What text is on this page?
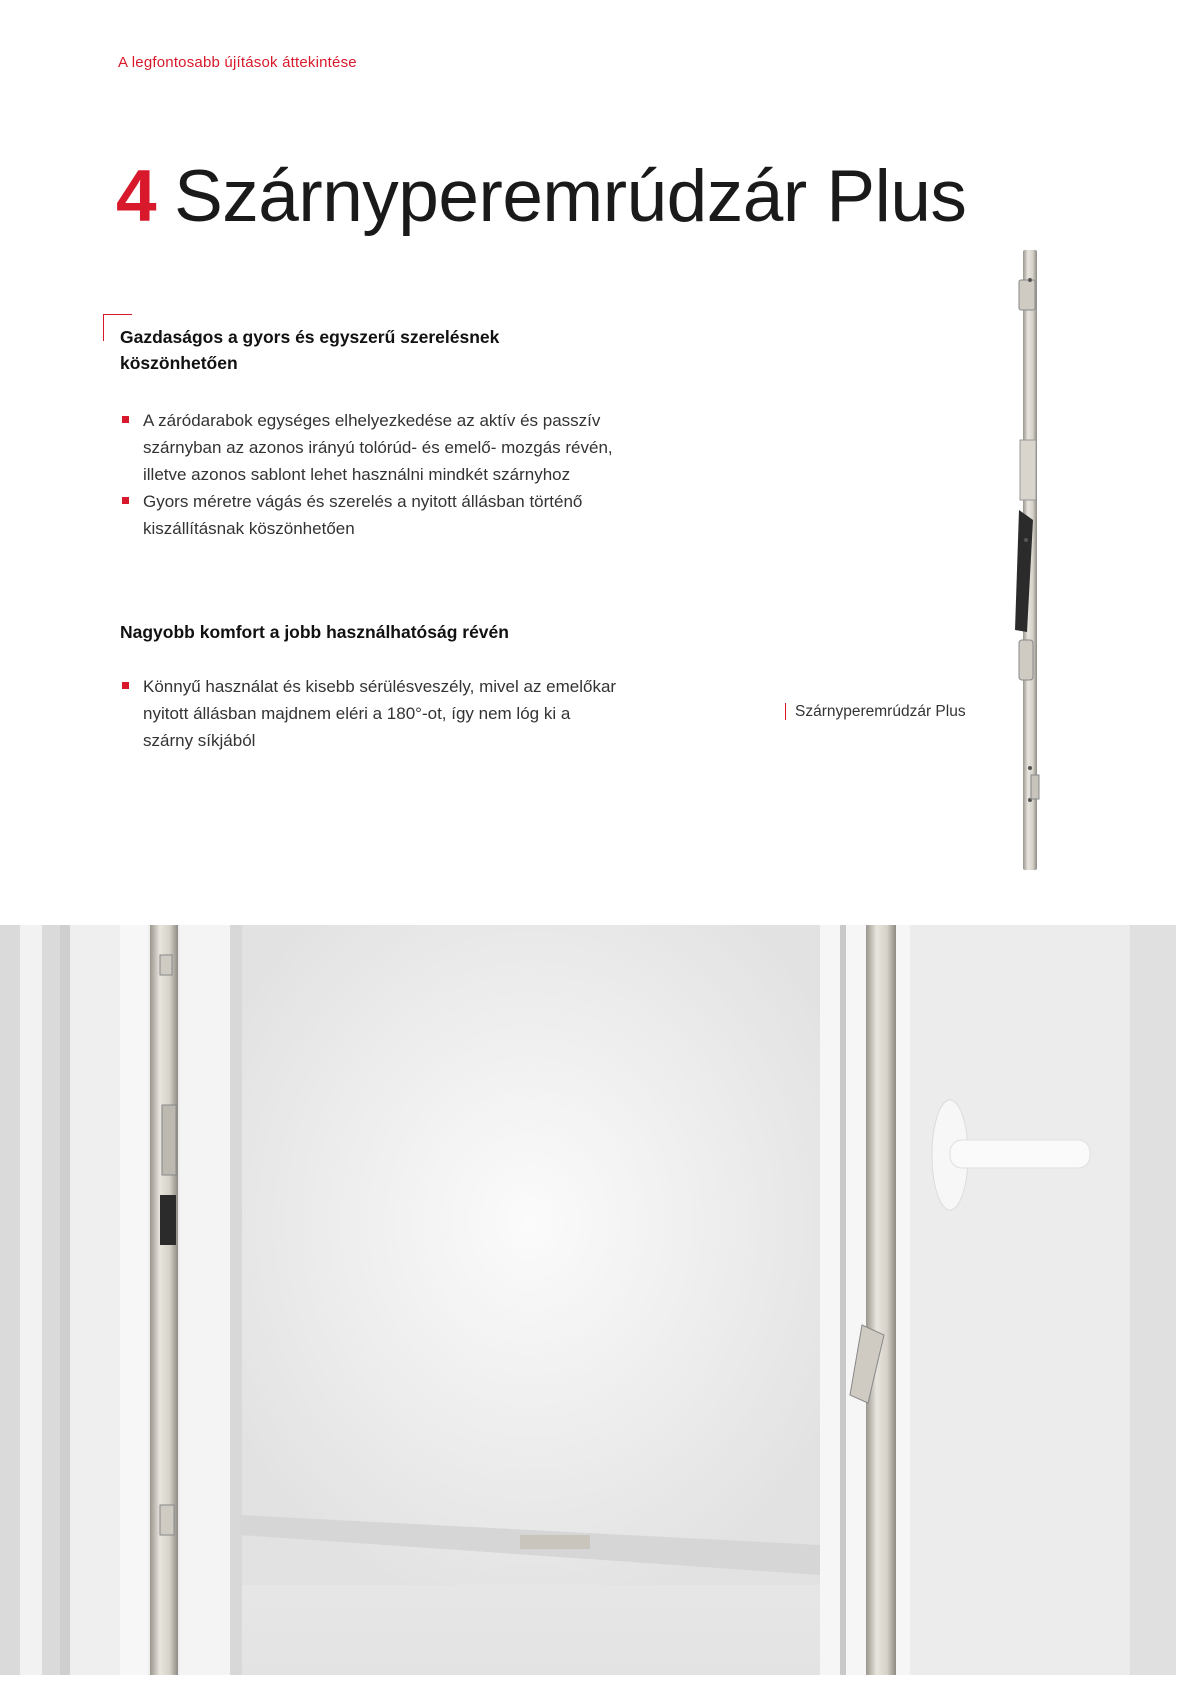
A legfontosabb újítások áttekintése
4 Szárnyperemrúdzár Plus
Gazdaságos a gyors és egyszerű szerelésnek köszönhetően
A záródarabok egységes elhelyezkedése az aktív és passzív szárnyban az azonos irányú tolórúd- és emelő- mozgás révén, illetve azonos sablont lehet használni mindkét szárnyhoz
Gyors méretre vágás és szerelés a nyitott állásban történő kiszállításnak köszönhetően
Nagyobb komfort a jobb használhatóság révén
Könnyű használat és kisebb sérülésveszély, mivel az emelőkar nyitott állásban majdnem eléri a 180°-ot, így nem lóg ki a szárny síkjából
Szárnyperemrúdzár Plus
